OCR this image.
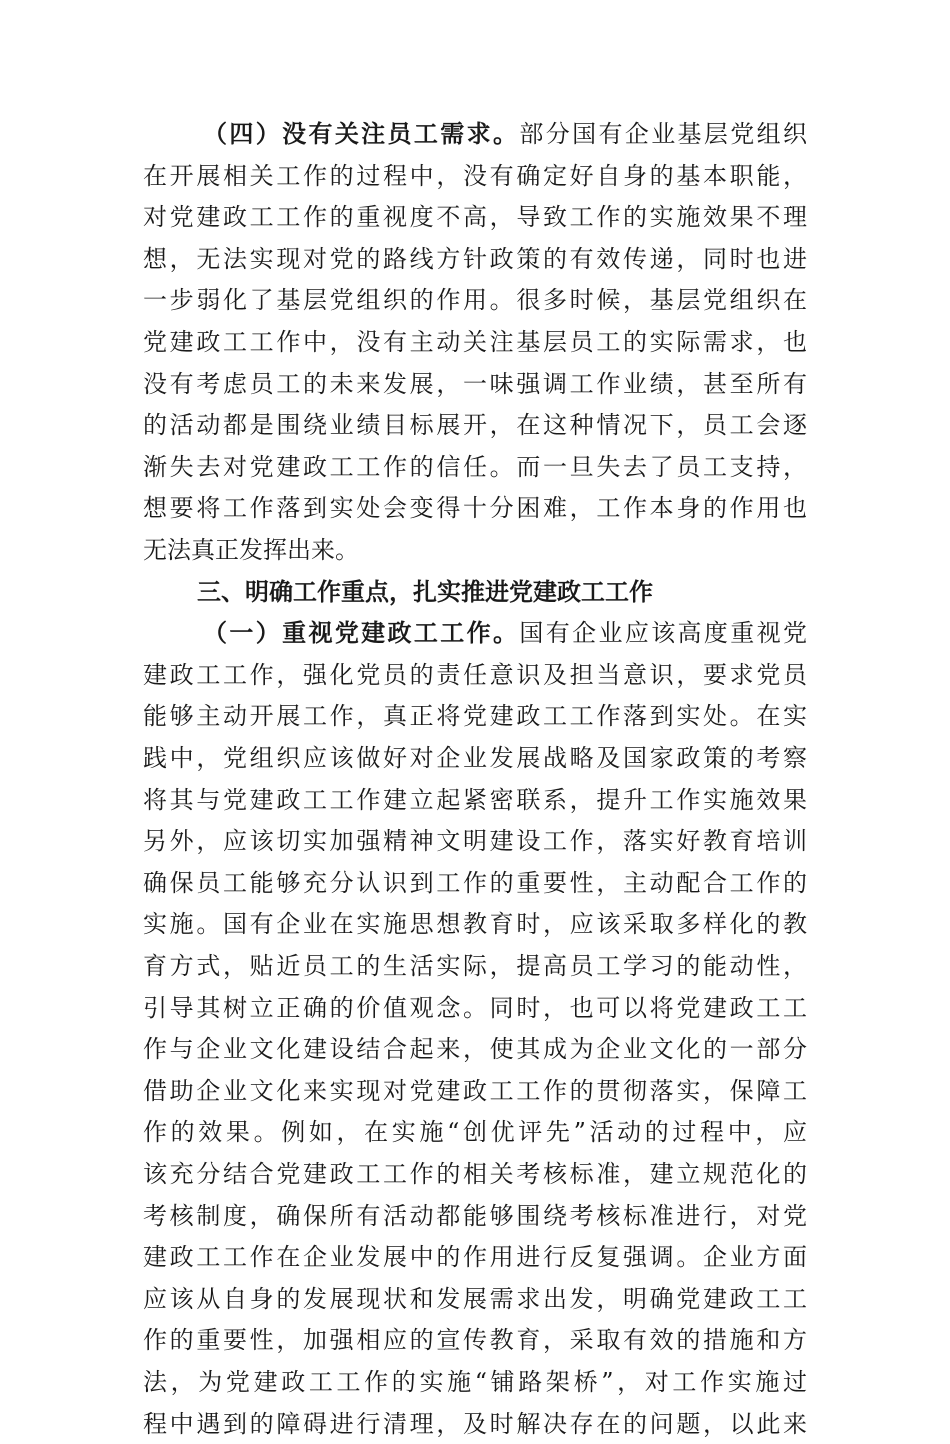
（四）没有关注员工需求。部分国有企业基层党组织
在开展相关工作的过程中，没有确定好自身的基本职能，
对党建政工工作的重视度不高，导致工作的实施效果不理
想，无法实现对党的路线方针政策的有效传递，同时也进
一步弱化了基层党组织的作用。很多时候，基层党组织在
党建政工工作中，没有主动关注基层员工的实际需求，也
没有考虑员工的未来发展，一味强调工作业绩，甚至所有
的活动都是围绕业绩目标展开，在这种情况下，员工会逐
渐失去对党建政工工作的信任。而一旦失去了员工支持，
想要将工作落到实处会变得十分困难，工作本身的作用也
无法真正发挥出来。
三、明确工作重点，扎实推进党建政工工作
（一）重视党建政工工作。国有企业应该高度重视党
建政工工作，强化党员的责任意识及担当意识，要求党员
能够主动开展工作，真正将党建政工工作落到实处。在实
践中，党组织应该做好对企业发展战略及国家政策的考察
将其与党建政工工作建立起紧密联系，提升工作实施效果
另外，应该切实加强精神文明建设工作，落实好教育培训
确保员工能够充分认识到工作的重要性，主动配合工作的
实施。国有企业在实施思想教育时，应该采取多样化的教
育方式，贴近员工的生活实际，提高员工学习的能动性，
引导其树立正确的价值观念。同时，也可以将党建政工工
作与企业文化建设结合起来，使其成为企业文化的一部分
借助企业文化来实现对党建政工工作的贯彻落实，保障工
作的效果。例如，在实施“创优评先”活动的过程中，应
该充分结合党建政工工作的相关考核标准，建立规范化的
考核制度，确保所有活动都能够围绕考核标准进行，对党
建政工工作在企业发展中的作用进行反复强调。企业方面
应该从自身的发展现状和发展需求出发，明确党建政工工
作的重要性，加强相应的宣传教育，采取有效的措施和方
法，为党建政工工作的实施“铺路架桥”，对工作实施过
程中遇到的障碍进行清理，及时解决存在的问题，以此来
